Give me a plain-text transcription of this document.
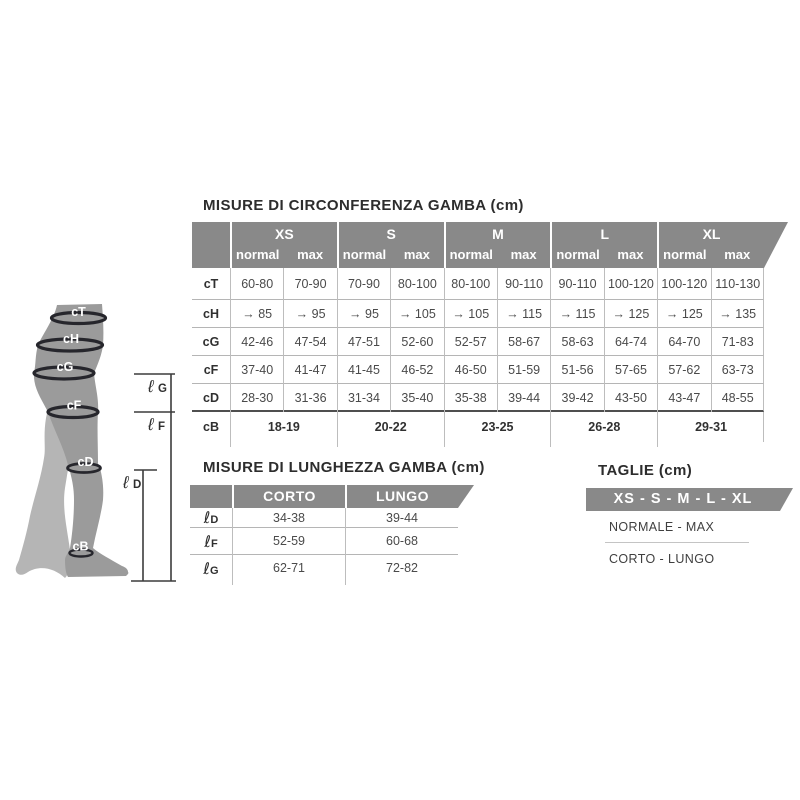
cT
cH
cG
cF
cD
cB
ℓ G
ℓ F
ℓ D
MISURE DI CIRCONFERENZA GAMBA (cm)
XS	S	M	L	XL
normal	max	normal	max	normal	max	normal	max	normal	max
cT	60-80	70-90	70-90	80-100	80-100	90-110	90-110 100-120 100-120 110-130
cH	→ 85	→ 95	→ 95	→ 105	→ 105	→ 115	→ 115	→ 125	→ 125	→ 135
cG	42-46	47-54	47-51	52-60	52-57	58-67	58-63	64-74	64-70	71-83
cF	37-40	41-47	41-45	46-52	46-50	51-59	51-56	57-65	57-62	63-73
cD	28-30	31-36	31-34	35-40	35-38	39-44	39-42	43-50	43-47	48-55
cB	18-19	20-22	23-25	26-28	29-31
MISURE DI LUNGHEZZA GAMBA (cm)
CORTO	LUNGO
ℓD	34-38	39-44
ℓF	52-59	60-68
ℓG	62-71	72-82
TAGLIE (cm)
XS - S - M - L - XL
NORMALE - MAX
CORTO - LUNGO
